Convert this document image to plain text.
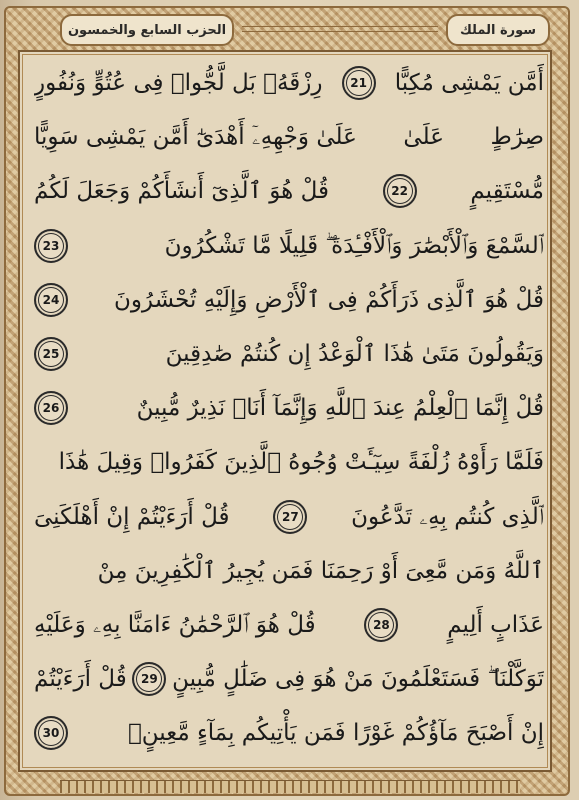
الحزب السابع والخمسون	سورة الملك
أَمَّن يَمْشِى مُكِبًّا
21
رِزْقَهُۥ بَل لَّجُّوا۟ فِى عُتُوٍّ وَنُفُورٍ
صِرَٰطٍ
عَلَىٰ
عَلَىٰ وَجْهِهِۦٓ أَهْدَىٰٓ أَمَّن يَمْشِى سَوِيًّا
مُّسْتَقِيمٍ
22
قُلْ هُوَ ٱلَّذِىٓ أَنشَأَكُمْ وَجَعَلَ لَكُمُ
ٱلسَّمْعَ وَٱلْأَبْصَٰرَ وَٱلْأَفْـِٔدَةَ ۖ قَلِيلًا مَّا تَشْكُرُونَ
23
قُلْ هُوَ ٱلَّذِى ذَرَأَكُمْ فِى ٱلْأَرْضِ وَإِلَيْهِ تُحْشَرُونَ
24
وَيَقُولُونَ مَتَىٰ هَٰذَا ٱلْوَعْدُ إِن كُنتُمْ صَٰدِقِينَ
25
قُلْ إِنَّمَا ٱلْعِلْمُ عِندَ ٱللَّهِ وَإِنَّمَآ أَنَا۠ نَذِيرٌ مُّبِينٌ
26
فَلَمَّا رَأَوْهُ زُلْفَةً سِيٓـَٔتْ وُجُوهُ ٱلَّذِينَ كَفَرُوا۟ وَقِيلَ هَٰذَا
ٱلَّذِى كُنتُم بِهِۦ تَدَّعُونَ
27
قُلْ أَرَءَيْتُمْ إِنْ أَهْلَكَنِىَ
ٱللَّهُ وَمَن مَّعِىَ أَوْ رَحِمَنَا فَمَن يُجِيرُ ٱلْكَٰفِرِينَ مِنْ
عَذَابٍ أَلِيمٍ
28
قُلْ هُوَ ٱلرَّحْمَٰنُ ءَامَنَّا بِهِۦ وَعَلَيْهِ
تَوَكَّلْنَا ۖ فَسَتَعْلَمُونَ مَنْ هُوَ فِى ضَلَٰلٍ مُّبِينٍ
29
قُلْ أَرَءَيْتُمْ
إِنْ أَصْبَحَ مَآؤُكُمْ غَوْرًا فَمَن يَأْتِيكُم بِمَآءٍ مَّعِينٍۭ
30
